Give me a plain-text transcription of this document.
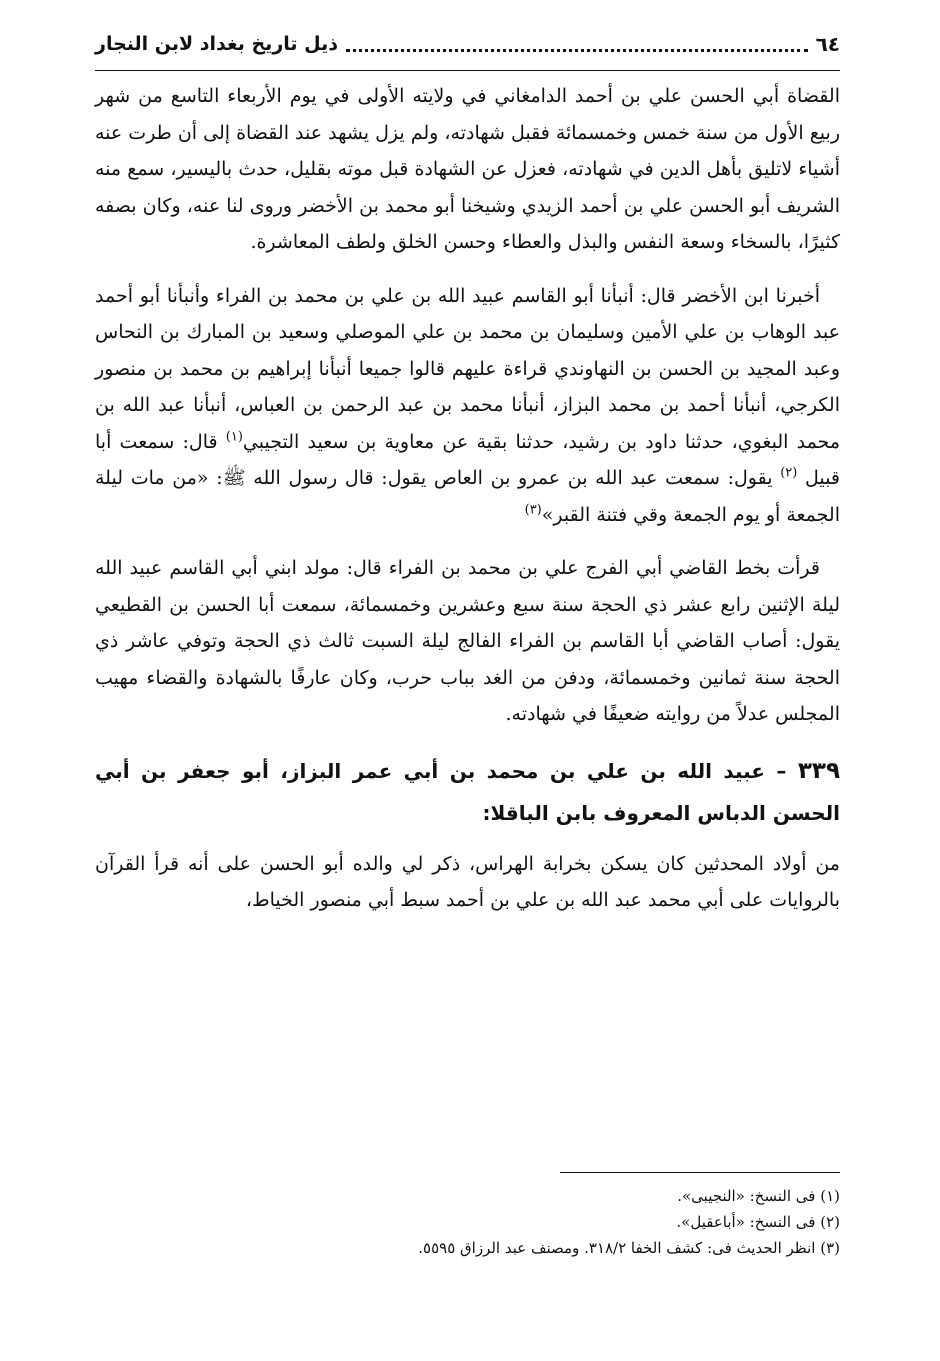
٦٤
ذيل تاريخ بغداد لابن النجار

القضاة أبي الحسن علي بن أحمد الدامغاني في ولايته الأولى في يوم الأربعاء التاسع من شهر ربيع الأول من سنة خمس وخمسمائة فقبل شهادته، ولم يزل يشهد عند القضاة إلى أن طرت عنه أشياء لاتليق بأهل الدين في شهادته، فعزل عن الشهادة قبل موته بقليل، حدث باليسير، سمع منه الشريف أبو الحسن علي بن أحمد الزيدي وشيخنا أبو محمد بن الأخضر وروى لنا عنه، وكان بصفه كثيرًا، بالسخاء وسعة النفس والبذل والعطاء وحسن الخلق ولطف المعاشرة.

أخبرنا ابن الأخضر قال: أنبأنا أبو القاسم عبيد الله بن علي بن محمد بن الفراء وأنبأنا أبو أحمد عبد الوهاب بن علي الأمين وسليمان بن محمد بن علي الموصلي وسعيد بن المبارك بن النحاس وعبد المجيد بن الحسن بن النهاوندي قراءة عليهم قالوا جميعا أنبأنا إبراهيم بن محمد بن منصور الكرجي، أنبأنا أحمد بن محمد البزاز، أنبأنا محمد بن عبد الرحمن بن العباس، أنبأنا عبد الله بن محمد البغوي، حدثنا داود بن رشيد، حدثنا بقية عن معاوية بن سعيد التجيبي$^{(١)}$ قال: سمعت أبا قبيل $^{(٢)}$ يقول: سمعت عبد الله بن عمرو بن العاص يقول: قال رسول الله ﷺ: «من مات ليلة الجمعة أو يوم الجمعة وقي فتنة القبر»$^{(٣)}$

قرأت بخط القاضي أبي الفرج علي بن محمد بن الفراء قال: مولد ابني أبي القاسم عبيد الله ليلة الإثنين رابع عشر ذي الحجة سنة سبع وعشرين وخمسمائة، سمعت أبا الحسن بن القطيعي يقول: أصاب القاضي أبا القاسم بن الفراء الفالج ليلة السبت ثالث ذي الحجة وتوفي عاشر ذي الحجة سنة ثمانين وخمسمائة، ودفن من الغد بباب حرب، وكان عارفًا بالشهادة والقضاء مهيب المجلس عدلاً من روايته ضعيفًا في شهادته.

٣٣٩ – عبيد الله بن علي بن محمد بن أبي عمر البزاز، أبو جعفر بن أبي الحسن الدباس المعروف بابن الباقلا:

من أولاد المحدثين كان يسكن بخرابة الهراس، ذكر لي والده أبو الحسن على أنه قرأ القرآن بالروايات على أبي محمد عبد الله بن علي بن أحمد سبط أبي منصور الخياط،

(١) فى النسخ: «النجيبى».

(٢) فى النسخ: «أباعقيل».

(٣) انظر الحديث فى: كشف الخفا ٣١٨/٢. ومصنف عبد الرزاق ٥٥٩٥.
